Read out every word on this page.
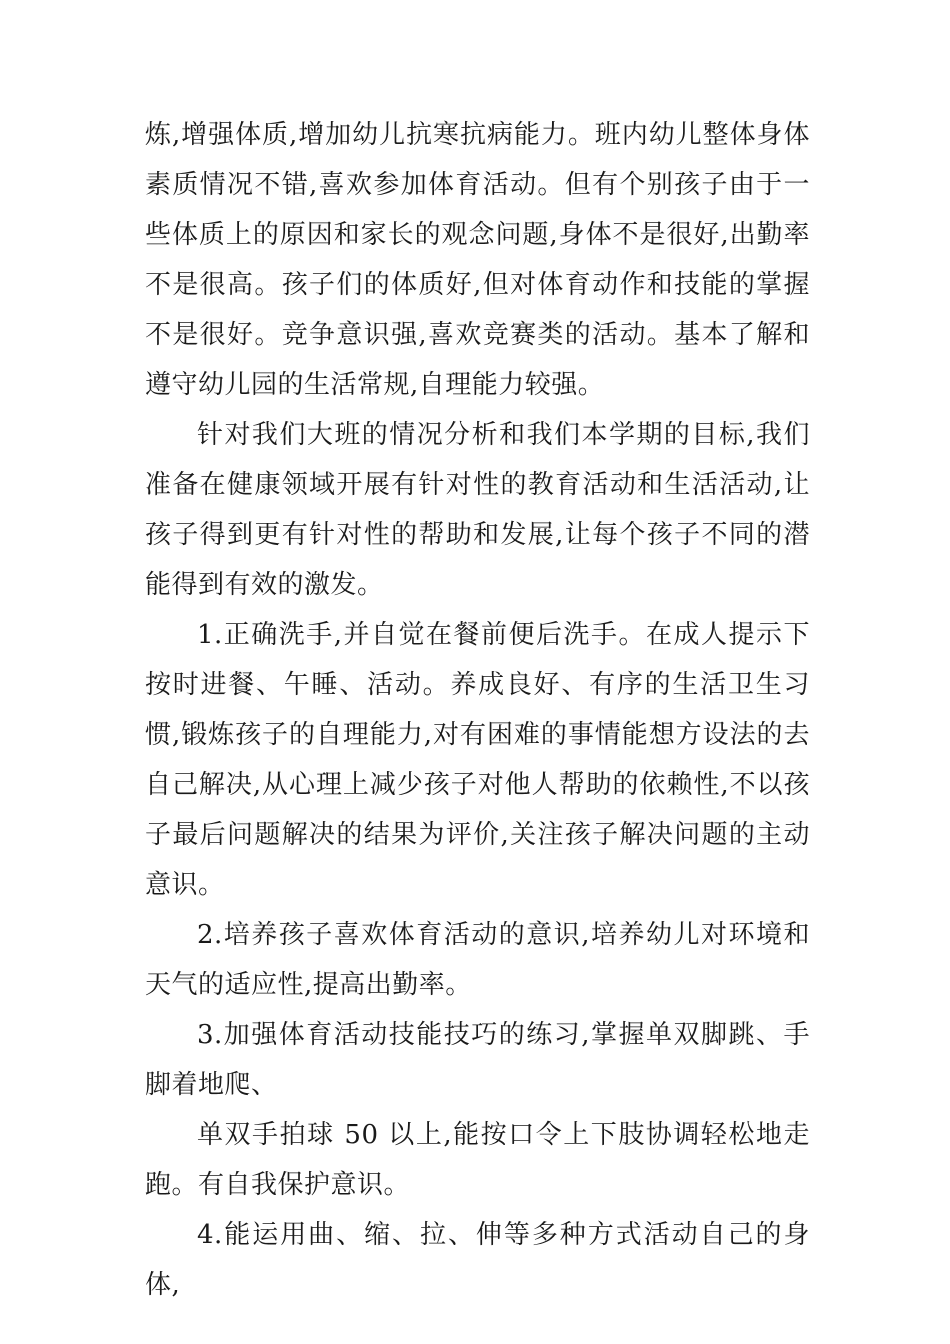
炼,增强体质,增加幼儿抗寒抗病能力。班内幼儿整体身体素质情况不错,喜欢参加体育活动。但有个别孩子由于一些体质上的原因和家长的观念问题,身体不是很好,出勤率不是很高。孩子们的体质好,但对体育动作和技能的掌握不是很好。竞争意识强,喜欢竞赛类的活动。基本了解和遵守幼儿园的生活常规,自理能力较强。

针对我们大班的情况分析和我们本学期的目标,我们准备在健康领域开展有针对性的教育活动和生活活动,让孩子得到更有针对性的帮助和发展,让每个孩子不同的潜能得到有效的激发。

1.正确洗手,并自觉在餐前便后洗手。在成人提示下按时进餐、午睡、活动。养成良好、有序的生活卫生习惯,锻炼孩子的自理能力,对有困难的事情能想方设法的去自己解决,从心理上减少孩子对他人帮助的依赖性,不以孩子最后问题解决的结果为评价,关注孩子解决问题的主动意识。

2.培养孩子喜欢体育活动的意识,培养幼儿对环境和天气的适应性,提高出勤率。

3.加强体育活动技能技巧的练习,掌握单双脚跳、手脚着地爬、

单双手拍球 50 以上,能按口令上下肢协调轻松地走跑。有自我保护意识。

4.能运用曲、缩、拉、伸等多种方式活动自己的身体,
